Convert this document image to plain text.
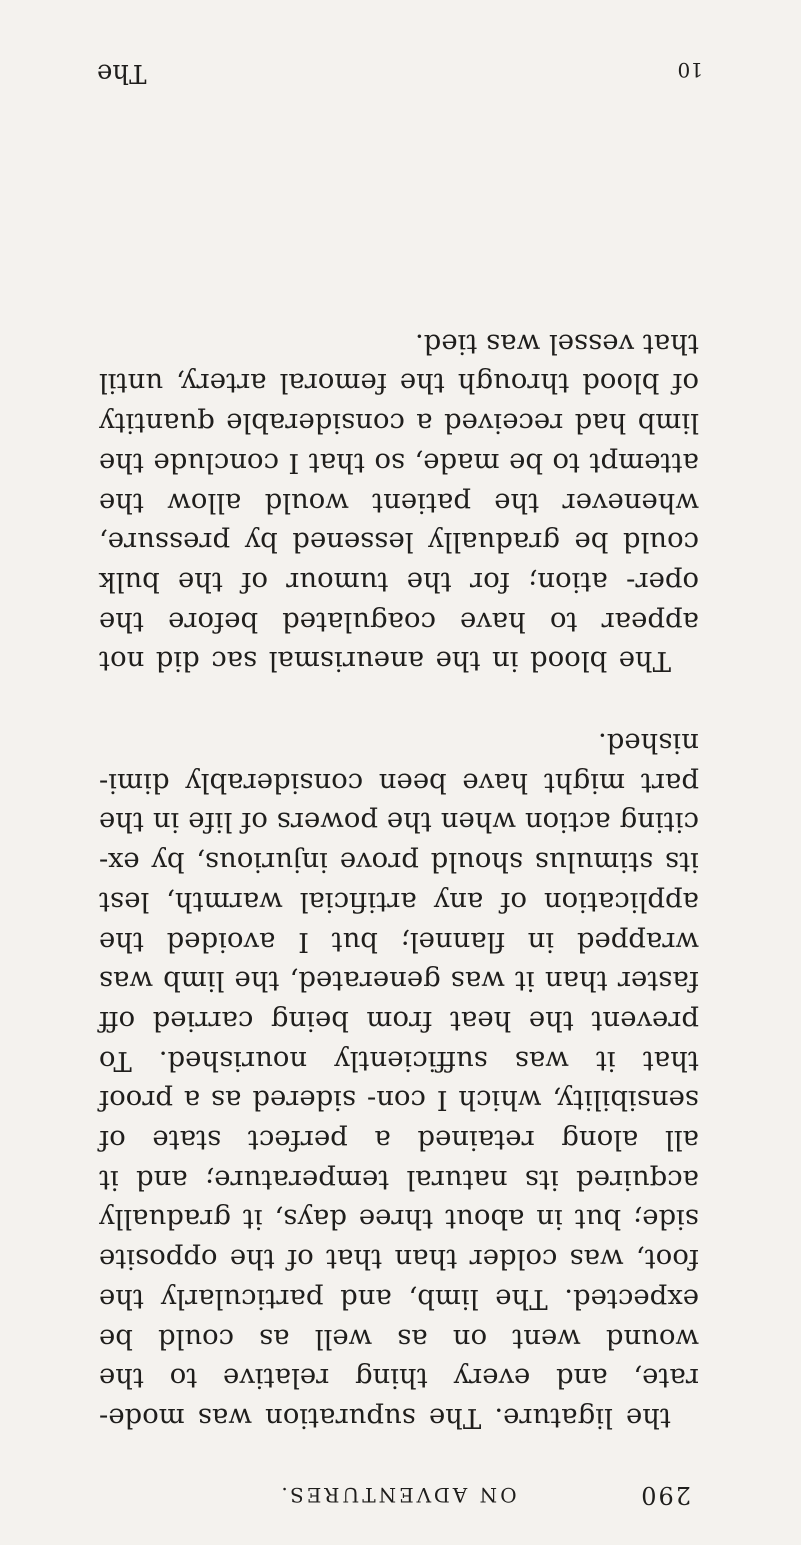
290
ON ADVENTURES.

the ligature. The supuration was mode- rate, and every thing relative to the wound went on as well as could be expected. The limb, and particularly the foot, was colder than that of the opposite side; but in about three days, it gradually acquired its natural temperature; and it all along retained a perfect state of sensibility, which I con- sidered as a proof that it was sufficiently nourished. To prevent the heat from being carried off faster than it was generated, the limb was wrapped in flannel; but I avoided the application of any artificial warmth, lest its stimulus should prove injurious, by ex- citing action when the powers of life in the part might have been considerably dimi- nished.

The blood in the aneurismal sac did not appear to have coagulated before the oper- ation; for the tumour of the bulk could be gradually lessened by pressure, whenever the patient would allow the attempt to be made, so that I conclude the limb had received a considerable quantity of blood through the femoral artery, until that vessel was tied.

10
The
